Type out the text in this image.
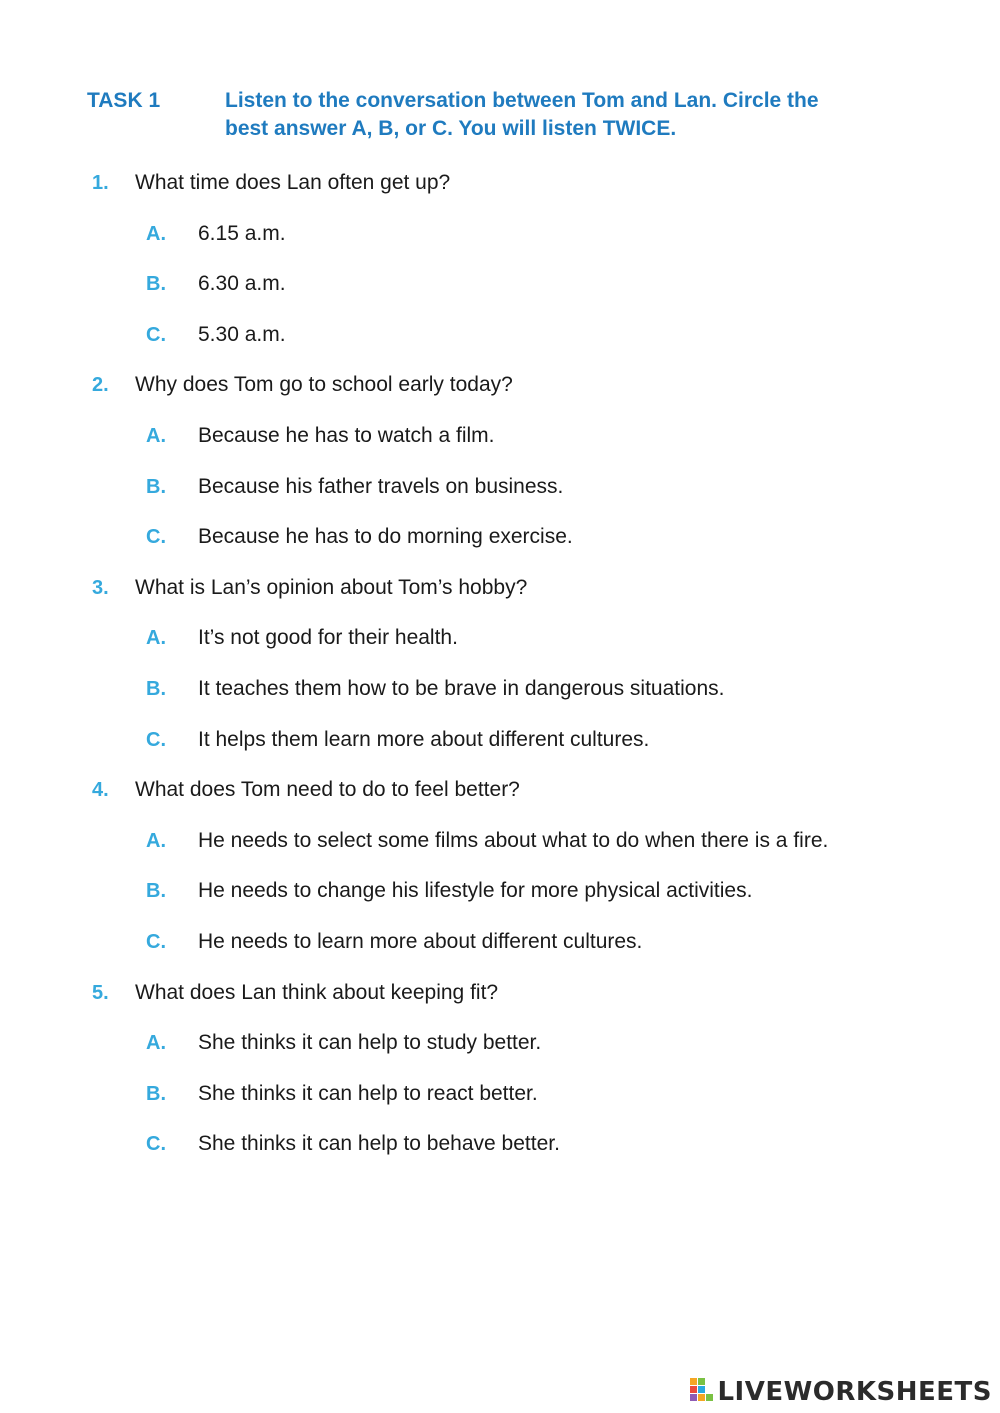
TASK 1	Listen to the conversation between Tom and Lan. Circle the
best answer A, B, or C. You will listen TWICE.
1.	What time does Lan often get up?
A.	6.15 a.m.
B.	6.30 a.m.
C.	5.30 a.m.
2.	Why does Tom go to school early today?
A.	Because he has to watch a film.
B.	Because his father travels on business.
C.	Because he has to do morning exercise.
3.	What is Lan’s opinion about Tom’s hobby?
A.	It’s not good for their health.
B.	It teaches them how to be brave in dangerous situations.
C.	It helps them learn more about different cultures.
4.	What does Tom need to do to feel better?
A.	He needs to select some films about what to do when there is a fire.
B.	He needs to change his lifestyle for more physical activities.
C.	He needs to learn more about different cultures.
5.	What does Lan think about keeping fit?
A.	She thinks it can help to study better.
B.	She thinks it can help to react better.
C.	She thinks it can help to behave better.
LIVEWORKSHEETS
